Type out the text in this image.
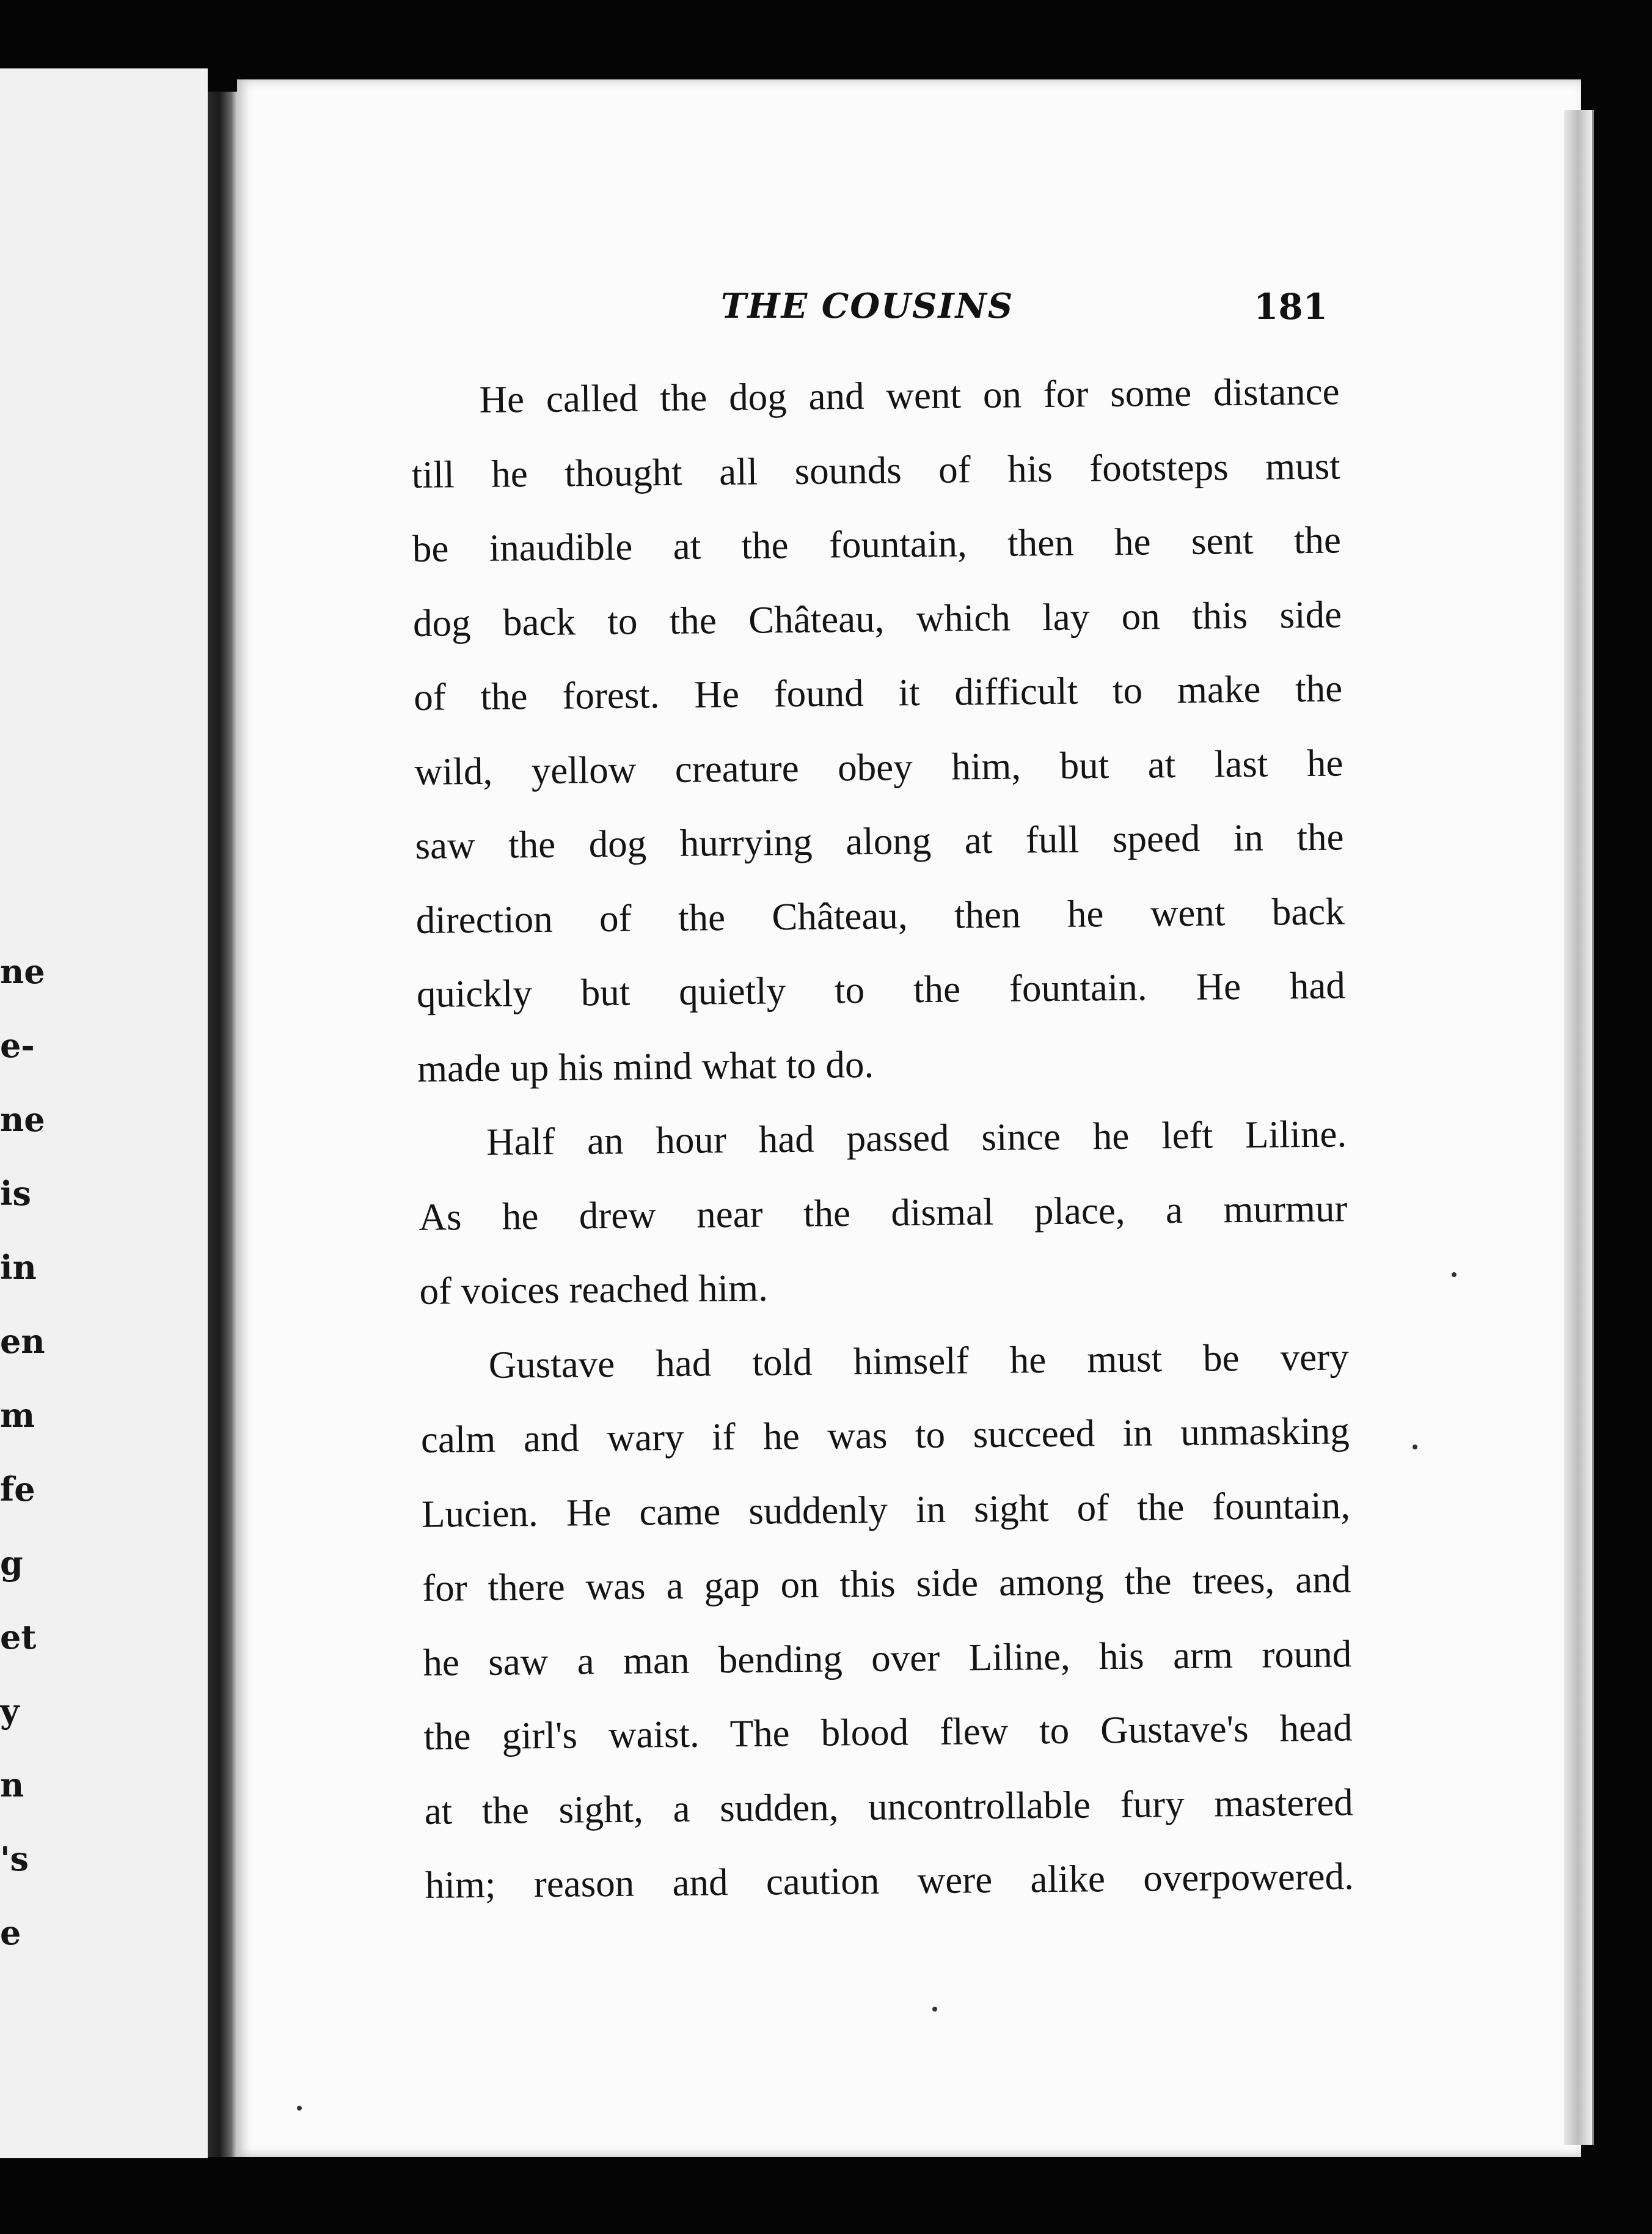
ne
e-
ne
is
in
en
m
fe
g
et
y
n
's
e
THE COUSINS	181
He called the dog and went on for some distance
till he thought all sounds of his footsteps must
be inaudible at the fountain, then he sent the
dog back to the Château, which lay on this side
of the forest. He found it difficult to make the
wild, yellow creature obey him, but at last he
saw the dog hurrying along at full speed in the
direction of the Château, then he went back
quickly but quietly to the fountain. He had
made up his mind what to do.
Half an hour had passed since he left Liline.
As he drew near the dismal place, a murmur
of voices reached him.
Gustave had told himself he must be very
calm and wary if he was to succeed in unmasking
Lucien. He came suddenly in sight of the fountain,
for there was a gap on this side among the trees, and
he saw a man bending over Liline, his arm round
the girl's waist. The blood flew to Gustave's head
at the sight, a sudden, uncontrollable fury mastered
him; reason and caution were alike overpowered.
